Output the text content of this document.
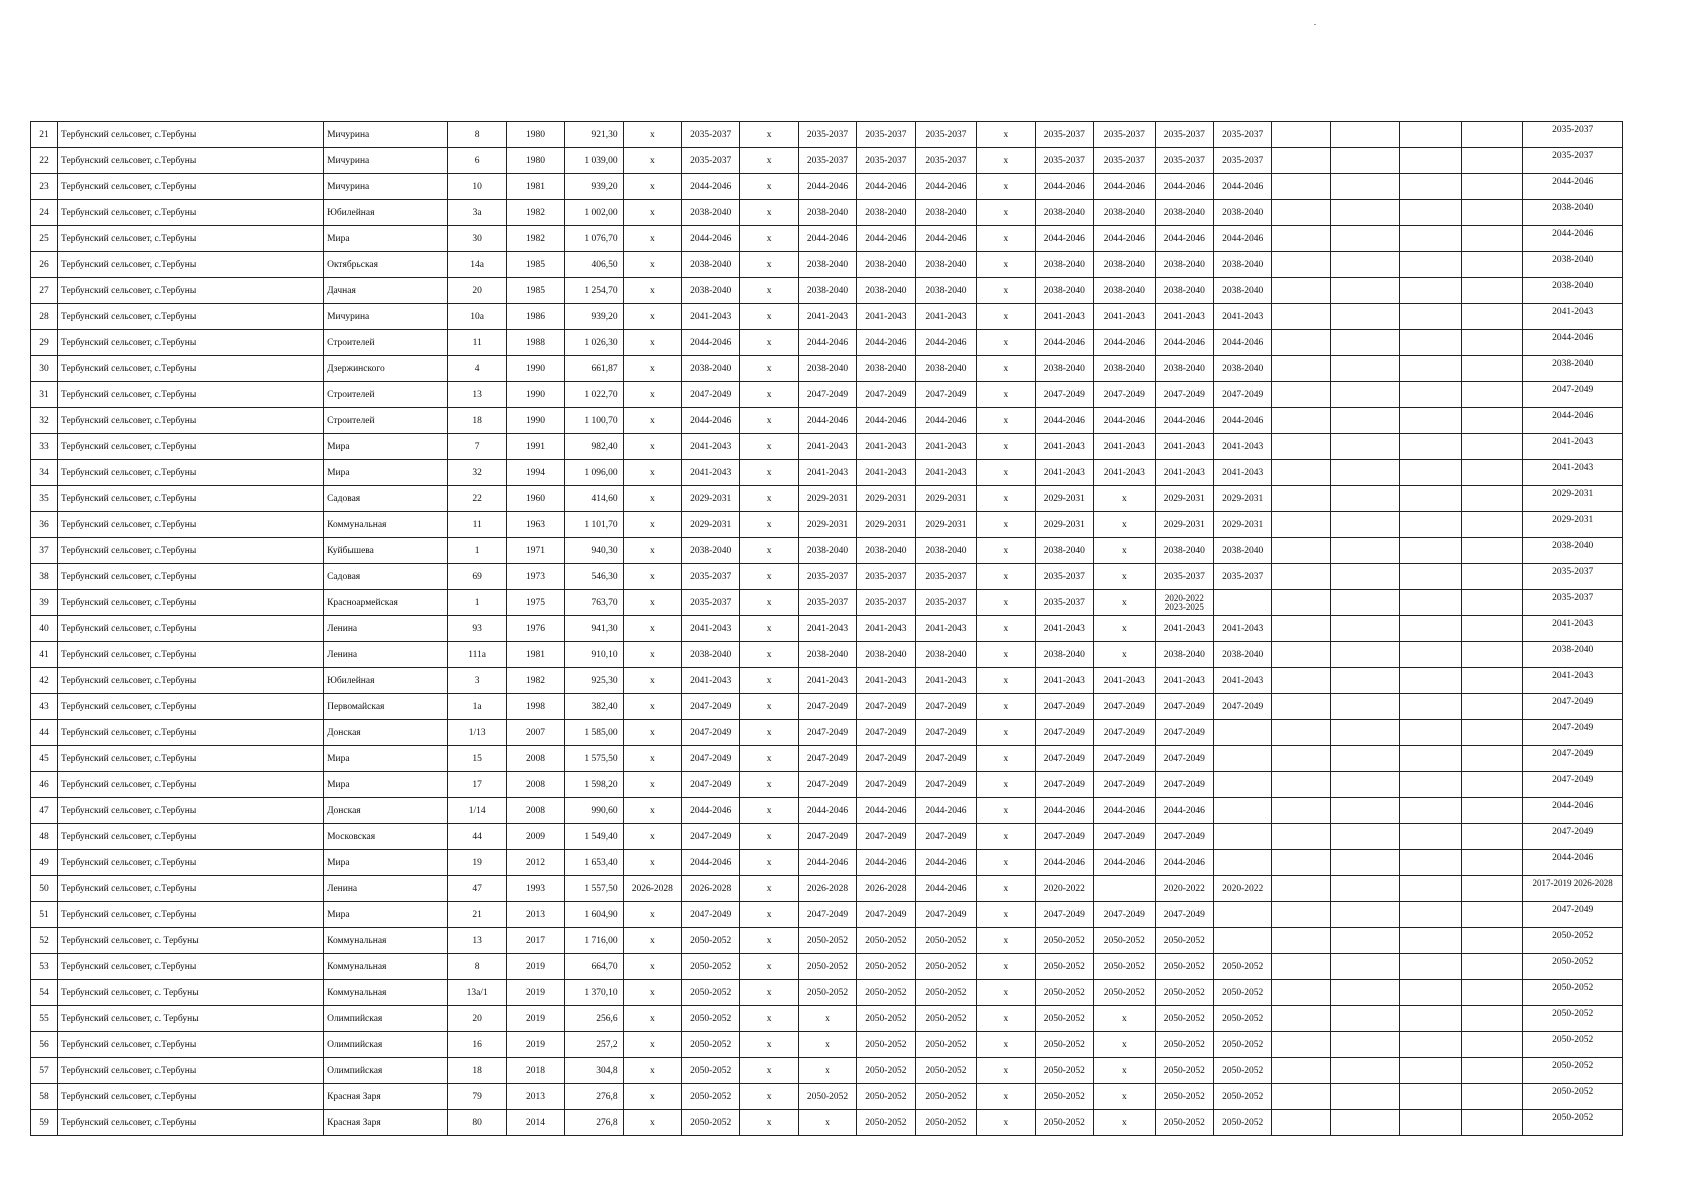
21	Тербунский сельсовет, с.Тербуны	Мичурина	8	1980	921,30	x	2035-2037	x	2035-2037	2035-2037	2035-2037	x	2035-2037	2035-2037	2035-2037	2035-2037					2035-2037
22	Тербунский сельсовет, с.Тербуны	Мичурина	6	1980	1 039,00	x	2035-2037	x	2035-2037	2035-2037	2035-2037	x	2035-2037	2035-2037	2035-2037	2035-2037					2035-2037
23	Тербунский сельсовет, с.Тербуны	Мичурина	10	1981	939,20	x	2044-2046	x	2044-2046	2044-2046	2044-2046	x	2044-2046	2044-2046	2044-2046	2044-2046					2044-2046
24	Тербунский сельсовет, с.Тербуны	Юбилейная	3а	1982	1 002,00	x	2038-2040	x	2038-2040	2038-2040	2038-2040	x	2038-2040	2038-2040	2038-2040	2038-2040					2038-2040
25	Тербунский сельсовет, с.Тербуны	Мира	30	1982	1 076,70	x	2044-2046	x	2044-2046	2044-2046	2044-2046	x	2044-2046	2044-2046	2044-2046	2044-2046					2044-2046
26	Тербунский сельсовет, с.Тербуны	Октябрьская	14а	1985	406,50	x	2038-2040	x	2038-2040	2038-2040	2038-2040	x	2038-2040	2038-2040	2038-2040	2038-2040					2038-2040
27	Тербунский сельсовет, с.Тербуны	Дачная	20	1985	1 254,70	x	2038-2040	x	2038-2040	2038-2040	2038-2040	x	2038-2040	2038-2040	2038-2040	2038-2040					2038-2040
28	Тербунский сельсовет, с.Тербуны	Мичурина	10а	1986	939,20	x	2041-2043	x	2041-2043	2041-2043	2041-2043	x	2041-2043	2041-2043	2041-2043	2041-2043					2041-2043
29	Тербунский сельсовет, с.Тербуны	Строителей	11	1988	1 026,30	x	2044-2046	x	2044-2046	2044-2046	2044-2046	x	2044-2046	2044-2046	2044-2046	2044-2046					2044-2046
30	Тербунский сельсовет, с.Тербуны	Дзержинского	4	1990	661,87	x	2038-2040	x	2038-2040	2038-2040	2038-2040	x	2038-2040	2038-2040	2038-2040	2038-2040					2038-2040
31	Тербунский сельсовет, с.Тербуны	Строителей	13	1990	1 022,70	x	2047-2049	x	2047-2049	2047-2049	2047-2049	x	2047-2049	2047-2049	2047-2049	2047-2049					2047-2049
32	Тербунский сельсовет, с.Тербуны	Строителей	18	1990	1 100,70	x	2044-2046	x	2044-2046	2044-2046	2044-2046	x	2044-2046	2044-2046	2044-2046	2044-2046					2044-2046
33	Тербунский сельсовет, с.Тербуны	Мира	7	1991	982,40	x	2041-2043	x	2041-2043	2041-2043	2041-2043	x	2041-2043	2041-2043	2041-2043	2041-2043					2041-2043
34	Тербунский сельсовет, с.Тербуны	Мира	32	1994	1 096,00	x	2041-2043	x	2041-2043	2041-2043	2041-2043	x	2041-2043	2041-2043	2041-2043	2041-2043					2041-2043
35	Тербунский сельсовет, с.Тербуны	Садовая	22	1960	414,60	x	2029-2031	x	2029-2031	2029-2031	2029-2031	x	2029-2031	x	2029-2031	2029-2031					2029-2031
36	Тербунский сельсовет, с.Тербуны	Коммунальная	11	1963	1 101,70	x	2029-2031	x	2029-2031	2029-2031	2029-2031	x	2029-2031	x	2029-2031	2029-2031					2029-2031
37	Тербунский сельсовет, с.Тербуны	Куйбышева	1	1971	940,30	x	2038-2040	x	2038-2040	2038-2040	2038-2040	x	2038-2040	x	2038-2040	2038-2040					2038-2040
38	Тербунский сельсовет, с.Тербуны	Садовая	69	1973	546,30	x	2035-2037	x	2035-2037	2035-2037	2035-2037	x	2035-2037	x	2035-2037	2035-2037					2035-2037
39	Тербунский сельсовет, с.Тербуны	Красноармейская	1	1975	763,70	x	2035-2037	x	2035-2037	2035-2037	2035-2037	x	2035-2037	x	2020-2022 2023-2025						2035-2037
40	Тербунский сельсовет, с.Тербуны	Ленина	93	1976	941,30	x	2041-2043	x	2041-2043	2041-2043	2041-2043	x	2041-2043	x	2041-2043	2041-2043					2041-2043
41	Тербунский сельсовет, с.Тербуны	Ленина	111а	1981	910,10	x	2038-2040	x	2038-2040	2038-2040	2038-2040	x	2038-2040	x	2038-2040	2038-2040					2038-2040
42	Тербунский сельсовет, с.Тербуны	Юбилейная	3	1982	925,30	x	2041-2043	x	2041-2043	2041-2043	2041-2043	x	2041-2043	2041-2043	2041-2043	2041-2043					2041-2043
43	Тербунский сельсовет, с.Тербуны	Первомайская	1а	1998	382,40	x	2047-2049	x	2047-2049	2047-2049	2047-2049	x	2047-2049	2047-2049	2047-2049	2047-2049					2047-2049
44	Тербунский сельсовет, с.Тербуны	Донская	1/13	2007	1 585,00	x	2047-2049	x	2047-2049	2047-2049	2047-2049	x	2047-2049	2047-2049	2047-2049						2047-2049
45	Тербунский сельсовет, с.Тербуны	Мира	15	2008	1 575,50	x	2047-2049	x	2047-2049	2047-2049	2047-2049	x	2047-2049	2047-2049	2047-2049						2047-2049
46	Тербунский сельсовет, с.Тербуны	Мира	17	2008	1 598,20	x	2047-2049	x	2047-2049	2047-2049	2047-2049	x	2047-2049	2047-2049	2047-2049						2047-2049
47	Тербунский сельсовет, с.Тербуны	Донская	1/14	2008	990,60	x	2044-2046	x	2044-2046	2044-2046	2044-2046	x	2044-2046	2044-2046	2044-2046						2044-2046
48	Тербунский сельсовет, с.Тербуны	Московская	44	2009	1 549,40	x	2047-2049	x	2047-2049	2047-2049	2047-2049	x	2047-2049	2047-2049	2047-2049						2047-2049
49	Тербунский сельсовет, с.Тербуны	Мира	19	2012	1 653,40	x	2044-2046	x	2044-2046	2044-2046	2044-2046	x	2044-2046	2044-2046	2044-2046						2044-2046
50	Тербунский сельсовет, с.Тербуны	Ленина	47	1993	1 557,50	2026-2028	2026-2028	x	2026-2028	2026-2028	2044-2046	x	2020-2022		2020-2022	2020-2022					2017-2019 2026-2028
51	Тербунский сельсовет, с.Тербуны	Мира	21	2013	1 604,90	x	2047-2049	x	2047-2049	2047-2049	2047-2049	x	2047-2049	2047-2049	2047-2049						2047-2049
52	Тербунский сельсовет, с. Тербуны	Коммунальная	13	2017	1 716,00	x	2050-2052	x	2050-2052	2050-2052	2050-2052	x	2050-2052	2050-2052	2050-2052						2050-2052
53	Тербунский сельсовет, с.Тербуны	Коммунальная	8	2019	664,70	x	2050-2052	x	2050-2052	2050-2052	2050-2052	x	2050-2052	2050-2052	2050-2052	2050-2052					2050-2052
54	Тербунский сельсовет, с. Тербуны	Коммунальная	13а/1	2019	1 370,10	x	2050-2052	x	2050-2052	2050-2052	2050-2052	x	2050-2052	2050-2052	2050-2052	2050-2052					2050-2052
55	Тербунский сельсовет, с. Тербуны	Олимпийская	20	2019	256,6	x	2050-2052	x	x	2050-2052	2050-2052	x	2050-2052	x	2050-2052	2050-2052					2050-2052
56	Тербунский сельсовет, с.Тербуны	Олимпийская	16	2019	257,2	x	2050-2052	x	x	2050-2052	2050-2052	x	2050-2052	x	2050-2052	2050-2052					2050-2052
57	Тербунский сельсовет, с.Тербуны	Олимпийская	18	2018	304,8	x	2050-2052	x	x	2050-2052	2050-2052	x	2050-2052	x	2050-2052	2050-2052					2050-2052
58	Тербунский сельсовет, с.Тербуны	Красная Заря	79	2013	276,8	x	2050-2052	x	2050-2052	2050-2052	2050-2052	x	2050-2052	x	2050-2052	2050-2052					2050-2052
59	Тербунский сельсовет, с.Тербуны	Красная Заря	80	2014	276,8	x	2050-2052	x	x	2050-2052	2050-2052	x	2050-2052	x	2050-2052	2050-2052					2050-2052
